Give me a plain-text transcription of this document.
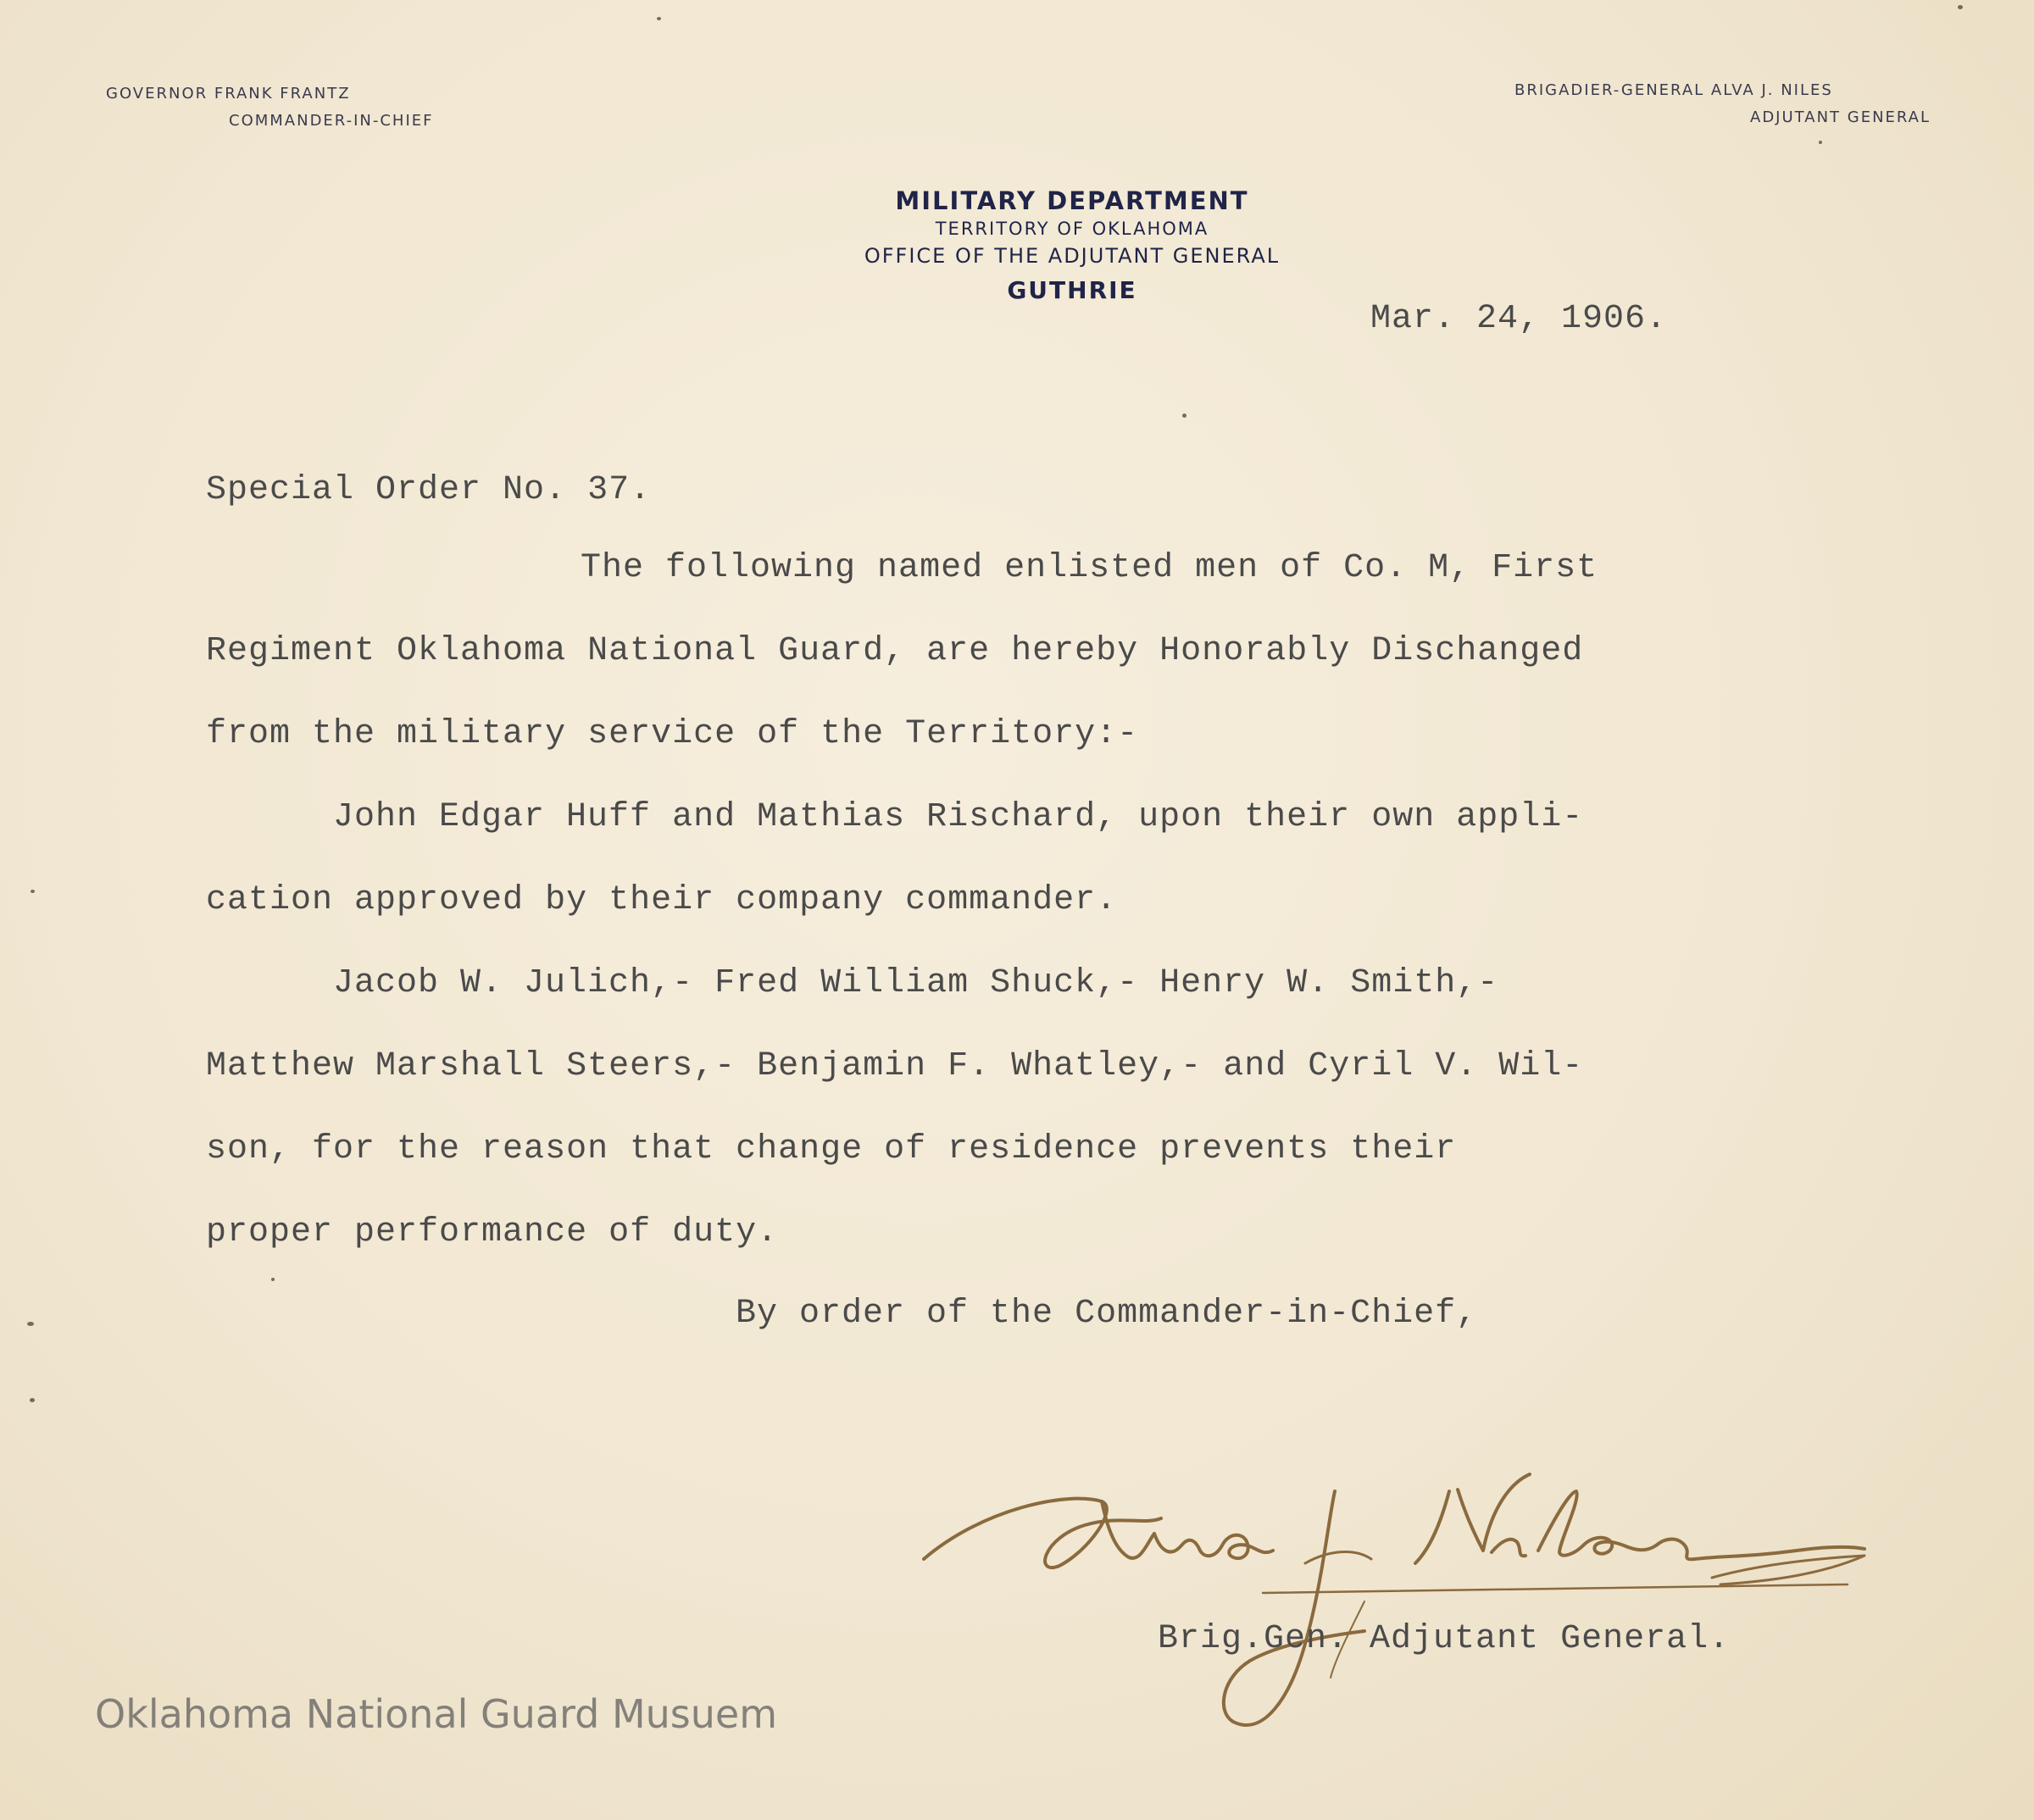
GOVERNOR FRANK FRANTZ
COMMANDER-IN-CHIEF
BRIGADIER-GENERAL ALVA J. NILES
ADJUTANT GENERAL
MILITARY DEPARTMENT
TERRITORY OF OKLAHOMA
OFFICE OF THE ADJUTANT GENERAL
GUTHRIE
Mar. 24, 1906.
Special Order No. 37.
The following named enlisted men of Co. M, First
Regiment Oklahoma National Guard, are hereby Honorably Dischanged
from the military service of the Territory:-
John Edgar Huff and Mathias Rischard, upon their own appli-
cation approved by their company commander.
Jacob W. Julich,- Fred William Shuck,- Henry W. Smith,-
Matthew Marshall Steers,- Benjamin F. Whatley,- and Cyril V. Wil-
son, for the reason that change of residence prevents their
proper performance of duty.
By order of the Commander-in-Chief,
Brig.Gen. Adjutant General.
Oklahoma National Guard Musuem
